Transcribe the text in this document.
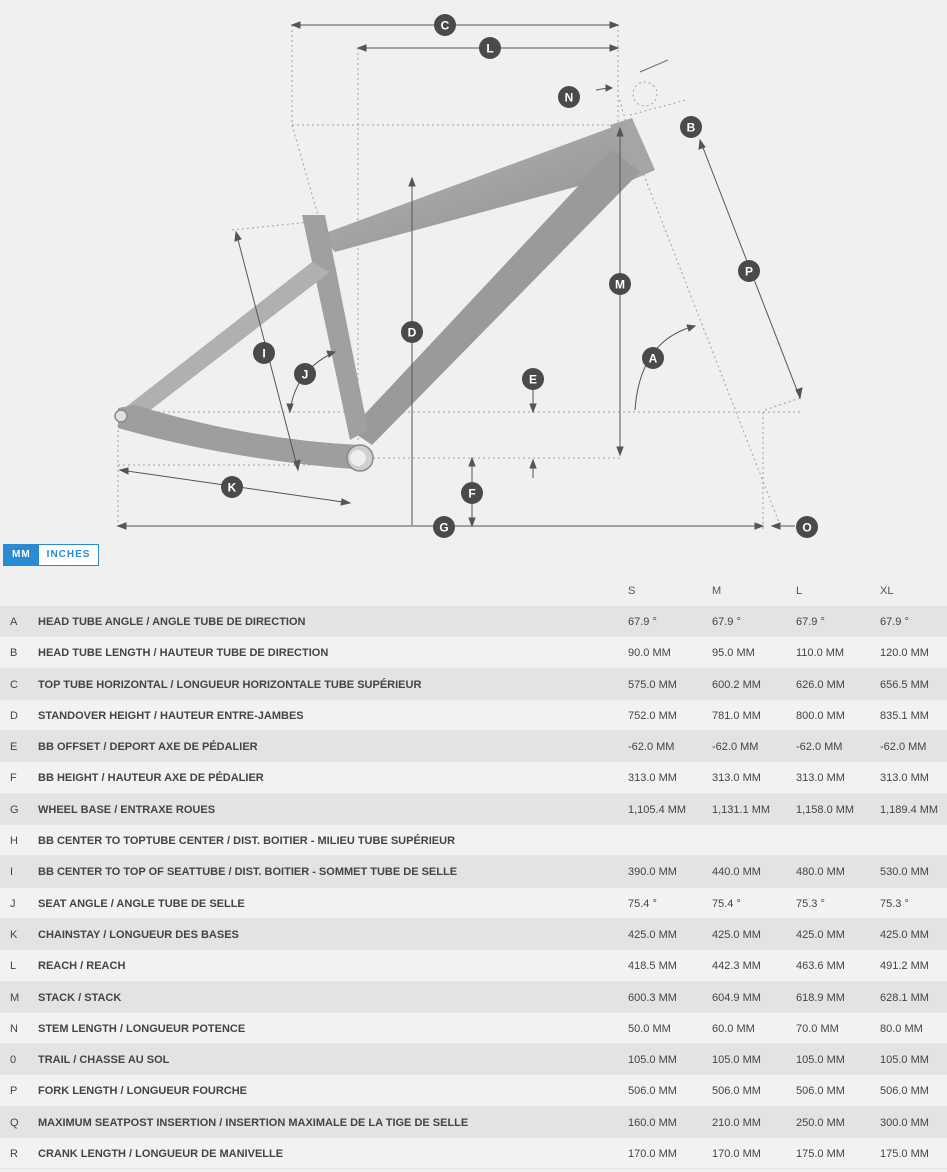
C
L
N
B
P
M
D
I
J
A
E
F
K
G	O
MM	INCHES
S	M	L	XL
A HEAD TUBE ANGLE / ANGLE TUBE DE DIRECTION	67.9 °	67.9 °	67.9 °	67.9 °
B HEAD TUBE LENGTH / HAUTEUR TUBE DE DIRECTION	90.0 MM	95.0 MM	110.0 MM	120.0 MM
C TOP TUBE HORIZONTAL / LONGUEUR HORIZONTALE TUBE SUPÉRIEUR	575.0 MM	600.2 MM	626.0 MM	656.5 MM
D STANDOVER HEIGHT / HAUTEUR ENTRE-JAMBES	752.0 MM	781.0 MM	800.0 MM	835.1 MM
E BB OFFSET / DEPORT AXE DE PÉDALIER	-62.0 MM	-62.0 MM	-62.0 MM	-62.0 MM
F BB HEIGHT / HAUTEUR AXE DE PÉDALIER	313.0 MM	313.0 MM	313.0 MM	313.0 MM
G WHEEL BASE / ENTRAXE ROUES	1,105.4 MM 1,131.1 MM 1,158.0 MM 1,189.4 MM
H BB CENTER TO TOPTUBE CENTER / DIST. BOITIER - MILIEU TUBE SUPÉRIEUR
I BB CENTER TO TOP OF SEATTUBE / DIST. BOITIER - SOMMET TUBE DE SELLE	390.0 MM	440.0 MM	480.0 MM	530.0 MM
J SEAT ANGLE / ANGLE TUBE DE SELLE	75.4 °	75.4 °	75.3 °	75.3 °
K CHAINSTAY / LONGUEUR DES BASES	425.0 MM	425.0 MM	425.0 MM	425.0 MM
L REACH / REACH	418.5 MM	442.3 MM	463.6 MM	491.2 MM
M STACK / STACK	600.3 MM	604.9 MM	618.9 MM	628.1 MM
N STEM LENGTH / LONGUEUR POTENCE	50.0 MM	60.0 MM	70.0 MM	80.0 MM
0 TRAIL / CHASSE AU SOL	105.0 MM	105.0 MM	105.0 MM	105.0 MM
P FORK LENGTH / LONGUEUR FOURCHE	506.0 MM	506.0 MM	506.0 MM	506.0 MM
Q MAXIMUM SEATPOST INSERTION / INSERTION MAXIMALE DE LA TIGE DE SELLE	160.0 MM	210.0 MM	250.0 MM	300.0 MM
R CRANK LENGTH / LONGUEUR DE MANIVELLE	170.0 MM	170.0 MM	175.0 MM	175.0 MM
